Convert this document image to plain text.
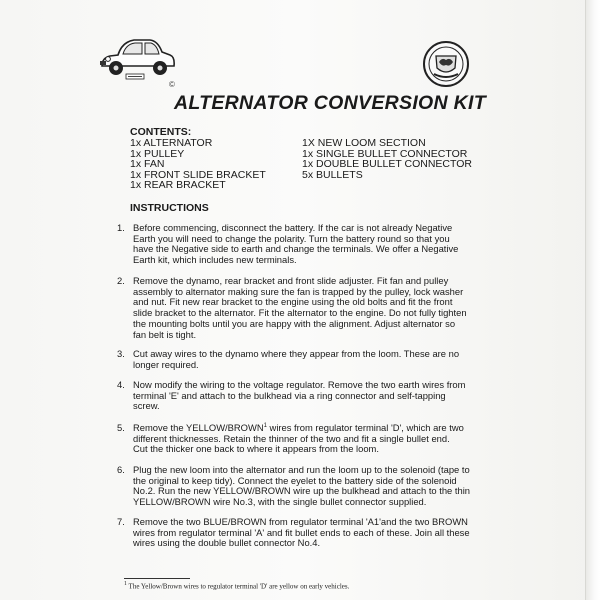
©
ALTERNATOR CONVERSION KIT
CONTENTS:
1x ALTERNATOR
1x PULLEY
1x FAN
1x FRONT SLIDE BRACKET
1x REAR BRACKET
1X NEW LOOM SECTION
1x SINGLE BULLET CONNECTOR
1x DOUBLE BULLET CONNECTOR
5x BULLETS
INSTRUCTIONS
1. Before commencing, disconnect the battery. If the car is not already Negative
Earth you will need to change the polarity. Turn the battery round so that you
have the Negative side to earth and change the terminals. We offer a Negative
Earth kit, which includes new terminals.
2. Remove the dynamo, rear bracket and front slide adjuster. Fit fan and pulley
assembly to alternator making sure the fan is trapped by the pulley, lock washer
and nut. Fit new rear bracket to the engine using the old bolts and fit the front
slide bracket to the alternator. Fit the alternator to the engine. Do not fully tighten
the mounting bolts until you are happy with the alignment. Adjust alternator so
fan belt is tight.
3. Cut away wires to the dynamo where they appear from the loom. These are no
longer required.
4. Now modify the wiring to the voltage regulator. Remove the two earth wires from
terminal 'E' and attach to the bulkhead via a ring connector and self-tapping
screw.
5. Remove the YELLOW/BROWN$^1$ wires from regulator terminal 'D', which are two
different thicknesses. Retain the thinner of the two and fit a single bullet end.
Cut the thicker one back to where it appears from the loom.
6. Plug the new loom into the alternator and run the loom up to the solenoid (tape to
the original to keep tidy). Connect the eyelet to the battery side of the solenoid
No.2. Run the new YELLOW/BROWN wire up the bulkhead and attach to the thin
YELLOW/BROWN wire No.3, with the single bullet connector supplied.
7. Remove the two BLUE/BROWN from regulator terminal 'A1'and the two BROWN
wires from regulator terminal 'A' and fit bullet ends to each of these. Join all these
wires using the double bullet connector No.4.
$^1$ The Yellow/Brown wires to regulator terminal 'D' are yellow on early vehicles.
